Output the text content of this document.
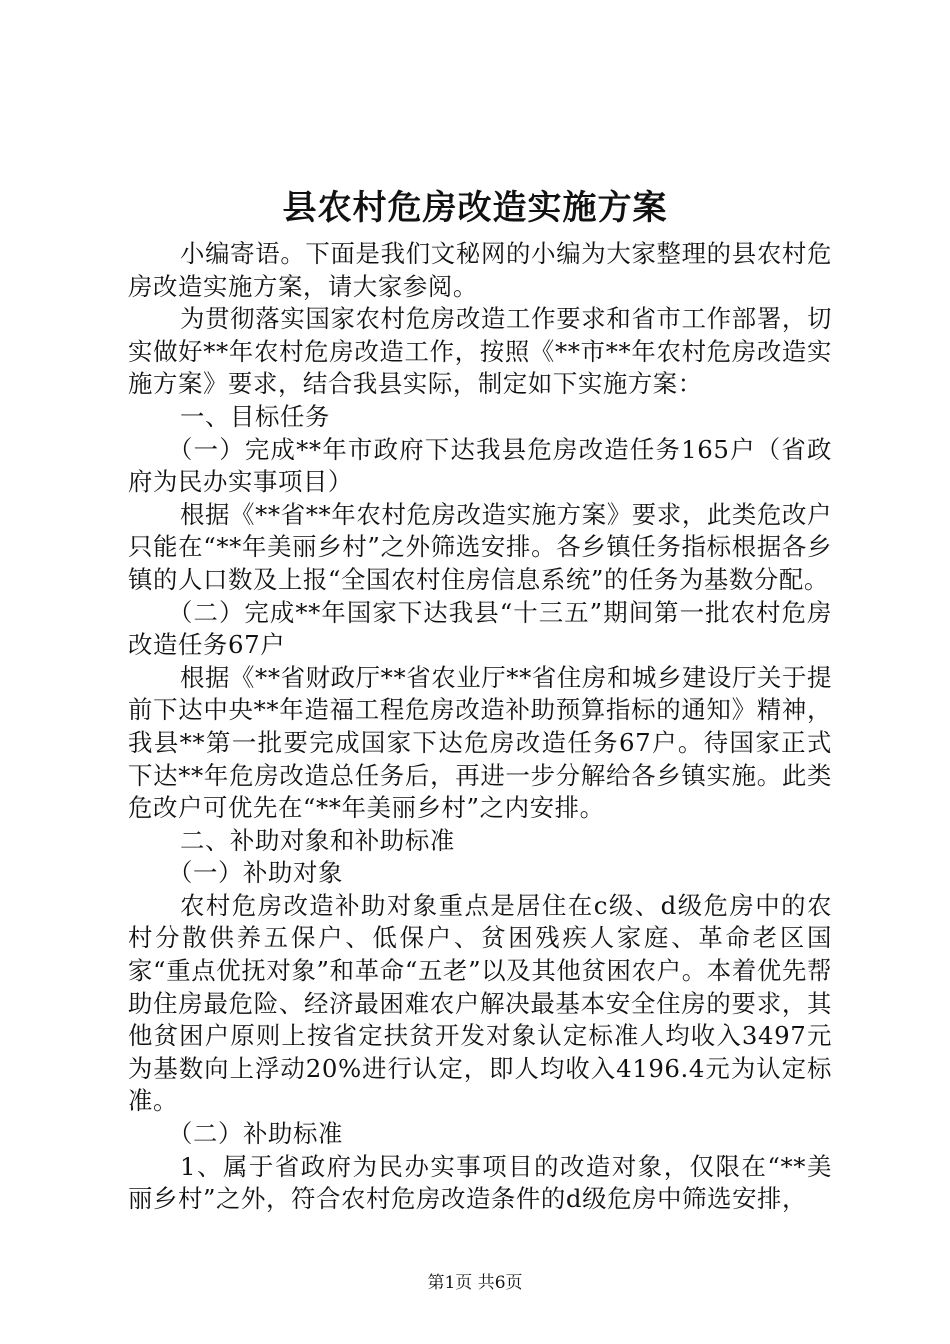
县农村危房改造实施方案

小编寄语。下面是我们文秘网的小编为大家整理的县农村危房改造实施方案，请大家参阅。

为贯彻落实国家农村危房改造工作要求和省市工作部署，切实做好**年农村危房改造工作，按照《**市**年农村危房改造实施方案》要求，结合我县实际，制定如下实施方案：

一、目标任务

（一）完成**年市政府下达我县危房改造任务165户（省政府为民办实事项目）

根据《**省**年农村危房改造实施方案》要求，此类危改户只能在“**年美丽乡村”之外筛选安排。各乡镇任务指标根据各乡镇的人口数及上报“全国农村住房信息系统”的任务为基数分配。

（二）完成**年国家下达我县“十三五”期间第一批农村危房改造任务67户

根据《**省财政厅**省农业厅**省住房和城乡建设厅关于提前下达中央**年造福工程危房改造补助预算指标的通知》精神，我县**第一批要完成国家下达危房改造任务67户。待国家正式下达**年危房改造总任务后，再进一步分解给各乡镇实施。此类危改户可优先在“**年美丽乡村”之内安排。

二、补助对象和补助标准

（一）补助对象

农村危房改造补助对象重点是居住在c级、d级危房中的农村分散供养五保户、低保户、贫困残疾人家庭、革命老区国家“重点优抚对象”和革命“五老”以及其他贫困农户。本着优先帮助住房最危险、经济最困难农户解决最基本安全住房的要求，其他贫困户原则上按省定扶贫开发对象认定标准人均收入3497元为基数向上浮动20%进行认定，即人均收入4196.4元为认定标准。

（二）补助标准

1、属于省政府为民办实事项目的改造对象，仅限在“**美丽乡村”之外，符合农村危房改造条件的d级危房中筛选安排，

第1页 共6页
